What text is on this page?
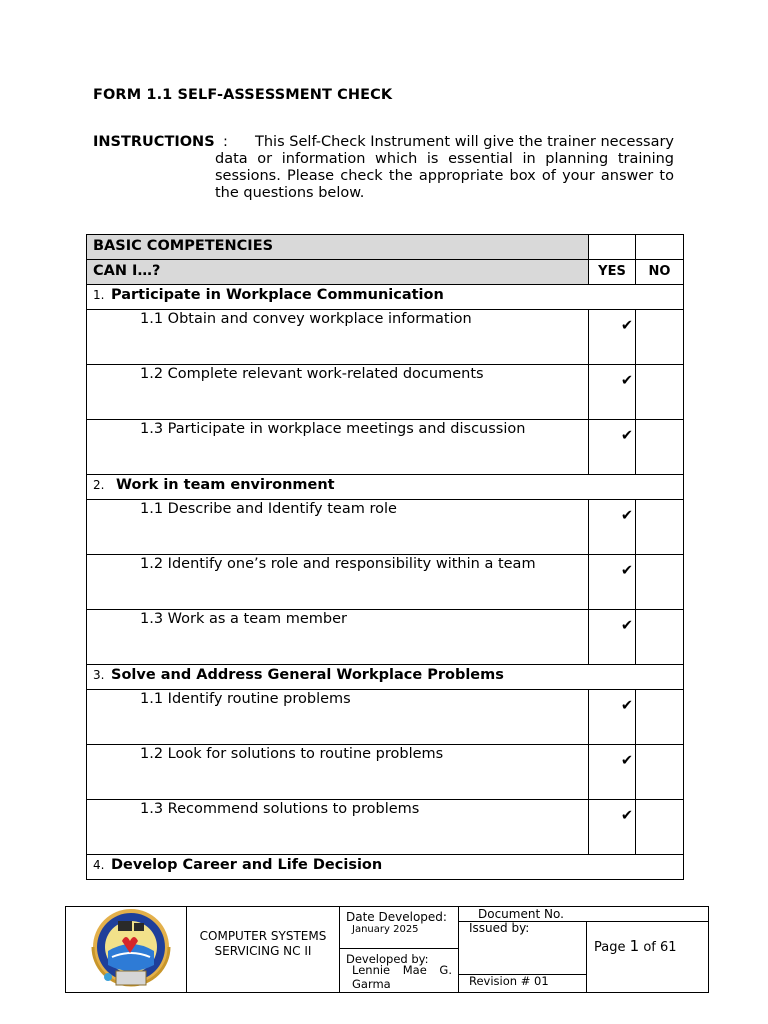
FORM 1.1 SELF-ASSESSMENT CHECK
INSTRUCTIONS :	This Self-Check Instrument will give the trainer necessary data or information which is essential in planning training sessions. Please check the appropriate box of your answer to the questions below.
BASIC COMPETENCIES		
CAN I…?	YES	NO
1. Participate in Workplace Communication		
1.1 Obtain and convey workplace information	✔	
1.2 Complete relevant work-related documents	✔	
1.3 Participate in workplace meetings and discussion	✔	
2. Work in team environment		
1.1 Describe and Identify team role	✔	
1.2 Identify one’s role and responsibility within a team	✔	
1.3 Work as a team member	✔	
3. Solve and Address General Workplace Problems		
1.1 Identify routine problems	✔	
1.2 Look for solutions to routine problems	✔	
1.3 Recommend solutions to problems	✔	
4. Develop Career and Life Decision		
COMPUTER SYSTEMS SERVICING NC II
Date Developed:
January 2025
Developed by:
Lennie Mae G. Garma
Document No.
Issued by:
Revision # 01
Page 1 of 61
